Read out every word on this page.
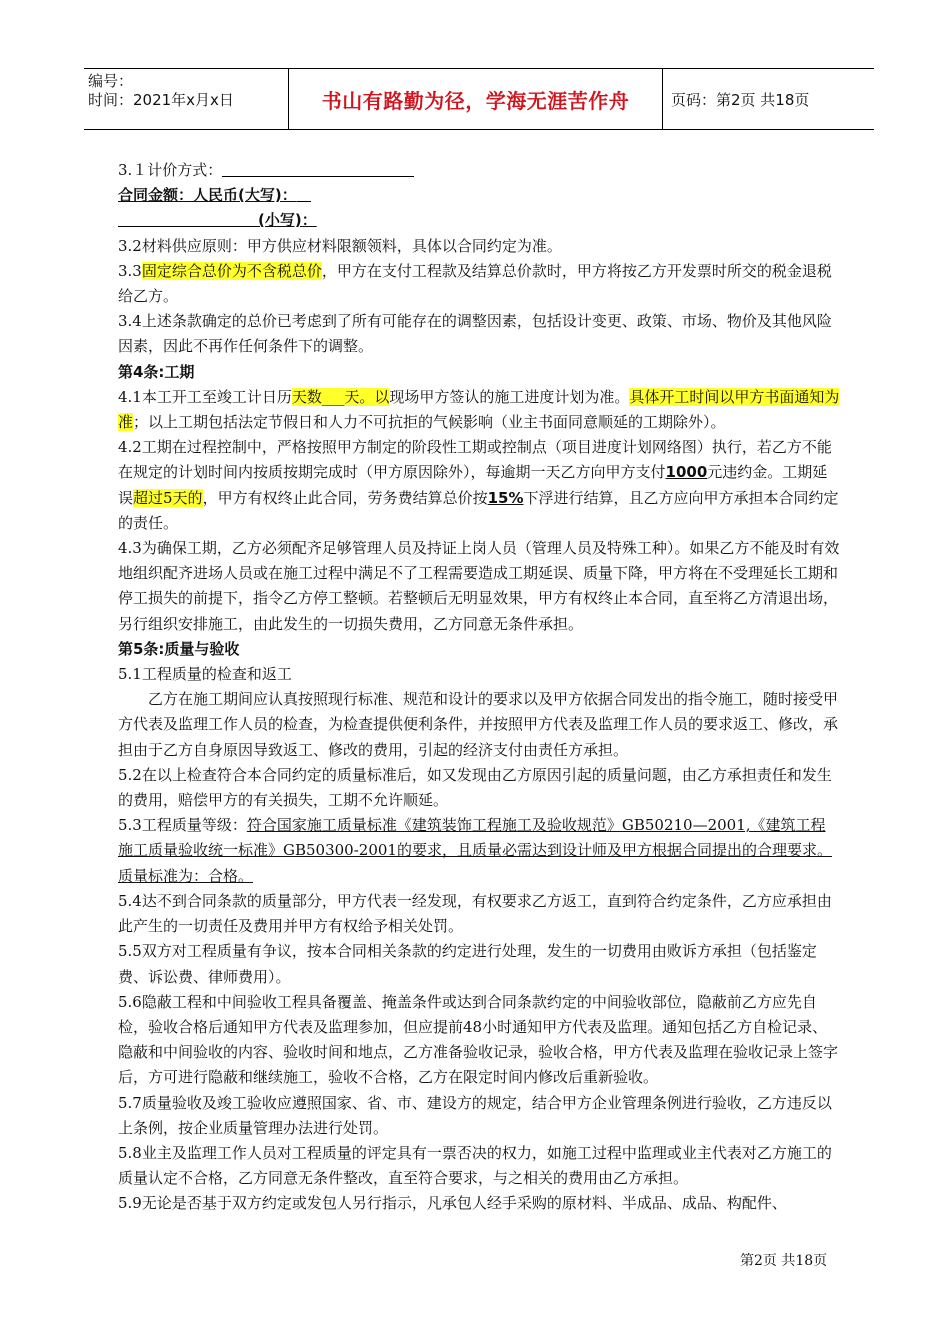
编号：
时间：2021年x月x日	书山有路勤为径，学海无涯苦作舟	页码：第2页 共18页

3.１计价方式：

合同金额：人民币(大写)：

(小写)：

3.2材料供应原则：甲方供应材料限额领料，具体以合同约定为准。

3.3固定综合总价为不含税总价，甲方在支付工程款及结算总价款时，甲方将按乙方开发票时所交的税金退税给乙方。

3.4上述条款确定的总价已考虑到了所有可能存在的调整因素，包括设计变更、政策、市场、物价及其他风险因素，因此不再作任何条件下的调整。

第4条:工期

4.1本工开工至竣工计日历天数___天。以现场甲方签认的施工进度计划为准。具体开工时间以甲方书面通知为准；以上工期包括法定节假日和人力不可抗拒的气候影响（业主书面同意顺延的工期除外）。

4.2工期在过程控制中，严格按照甲方制定的阶段性工期或控制点（项目进度计划网络图）执行，若乙方不能在规定的计划时间内按质按期完成时（甲方原因除外），每逾期一天乙方向甲方支付1000元违约金。工期延误超过5天的，甲方有权终止此合同，劳务费结算总价按15%下浮进行结算，且乙方应向甲方承担本合同约定的责任。

4.3为确保工期，乙方必须配齐足够管理人员及持证上岗人员（管理人员及特殊工种）。如果乙方不能及时有效地组织配齐进场人员或在施工过程中满足不了工程需要造成工期延误、质量下降，甲方将在不受理延长工期和停工损失的前提下，指令乙方停工整顿。若整顿后无明显效果，甲方有权终止本合同，直至将乙方清退出场，另行组织安排施工，由此发生的一切损失费用，乙方同意无条件承担。

第5条:质量与验收

5.1工程质量的检查和返工

乙方在施工期间应认真按照现行标准、规范和设计的要求以及甲方依据合同发出的指令施工，随时接受甲方代表及监理工作人员的检查，为检查提供便利条件，并按照甲方代表及监理工作人员的要求返工、修改，承担由于乙方自身原因导致返工、修改的费用，引起的经济支付由责任方承担。

5.2在以上检查符合本合同约定的质量标准后，如又发现由乙方原因引起的质量问题，由乙方承担责任和发生的费用，赔偿甲方的有关损失，工期不允许顺延。

5.3工程质量等级：符合国家施工质量标准《建筑装饰工程施工及验收规范》GB50210—2001,《建筑工程施工质量验收统一标准》GB50300-2001的要求，且质量必需达到设计师及甲方根据合同提出的合理要求。质量标准为：合格。

5.4达不到合同条款的质量部分，甲方代表一经发现，有权要求乙方返工，直到符合约定条件，乙方应承担由此产生的一切责任及费用并甲方有权给予相关处罚。

5.5双方对工程质量有争议，按本合同相关条款的约定进行处理，发生的一切费用由败诉方承担（包括鉴定费、诉讼费、律师费用）。

5.6隐蔽工程和中间验收工程具备覆盖、掩盖条件或达到合同条款约定的中间验收部位，隐蔽前乙方应先自检，验收合格后通知甲方代表及监理参加，但应提前48小时通知甲方代表及监理。通知包括乙方自检记录、隐蔽和中间验收的内容、验收时间和地点，乙方准备验收记录，验收合格，甲方代表及监理在验收记录上签字后，方可进行隐蔽和继续施工，验收不合格，乙方在限定时间内修改后重新验收。

5.7质量验收及竣工验收应遵照国家、省、市、建设方的规定，结合甲方企业管理条例进行验收，乙方违反以上条例，按企业质量管理办法进行处罚。

5.8业主及监理工作人员对工程质量的评定具有一票否决的权力，如施工过程中监理或业主代表对乙方施工的质量认定不合格，乙方同意无条件整改，直至符合要求，与之相关的费用由乙方承担。

5.9无论是否基于双方约定或发包人另行指示，凡承包人经手采购的原材料、半成品、成品、构配件、

第2页 共18页
